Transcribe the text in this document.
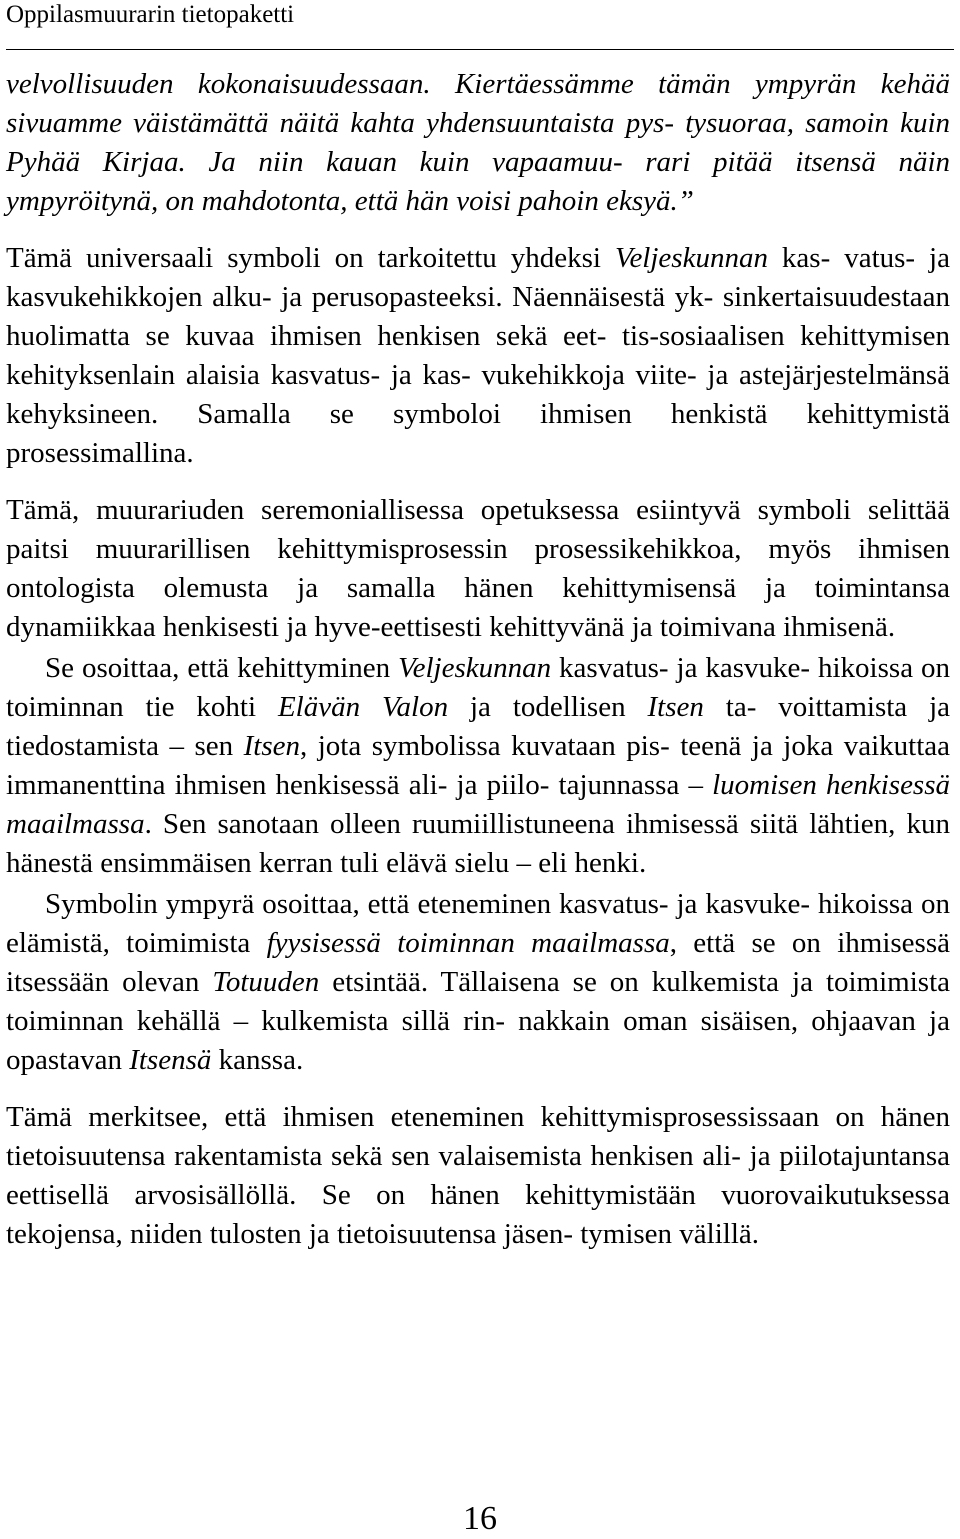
Oppilasmuurarin tietopaketti

velvollisuuden kokonaisuudessaan. Kiertäessämme tämän ympyrän kehää sivuamme väistämättä näitä kahta yhdensuuntaista pys- tysuoraa, samoin kuin Pyhää Kirjaa. Ja niin kauan kuin vapaamuu- rari pitää itsensä näin ympyröitynä, on mahdotonta, että hän voisi pahoin eksyä.”

Tämä universaali symboli on tarkoitettu yhdeksi Veljeskunnan kas- vatus- ja kasvukehikkojen alku- ja perusopasteeksi. Näennäisestä yk- sinkertaisuudestaan huolimatta se kuvaa ihmisen henkisen sekä eet- tis-sosiaalisen kehittymisen kehityksenlain alaisia kasvatus- ja kas- vukehikkoja viite- ja astejärjestelmänsä kehyksineen. Samalla se symboloi ihmisen henkistä kehittymistä prosessimallina.

Tämä, muurariuden seremoniallisessa opetuksessa esiintyvä symboli selittää paitsi muurarillisen kehittymisprosessin prosessikehikkoa, myös ihmisen ontologista olemusta ja samalla hänen kehittymisensä ja toimintansa dynamiikkaa henkisesti ja hyve-eettisesti kehittyvänä ja toimivana ihmisenä.

Se osoittaa, että kehittyminen Veljeskunnan kasvatus- ja kasvuke- hikoissa on toiminnan tie kohti Elävän Valon ja todellisen Itsen ta- voittamista ja tiedostamista – sen Itsen, jota symbolissa kuvataan pis- teenä ja joka vaikuttaa immanenttina ihmisen henkisessä ali- ja piilo- tajunnassa – luomisen henkisessä maailmassa. Sen sanotaan olleen ruumiillistuneena ihmisessä siitä lähtien, kun hänestä ensimmäisen kerran tuli elävä sielu – eli henki.

Symbolin ympyrä osoittaa, että eteneminen kasvatus- ja kasvuke- hikoissa on elämistä, toimimista fyysisessä toiminnan maailmassa, että se on ihmisessä itsessään olevan Totuuden etsintää. Tällaisena se on kulkemista ja toimimista toiminnan kehällä – kulkemista sillä rin- nakkain oman sisäisen, ohjaavan ja opastavan Itsensä kanssa.

Tämä merkitsee, että ihmisen eteneminen kehittymisprosessissaan on hänen tietoisuutensa rakentamista sekä sen valaisemista henkisen ali- ja piilotajuntansa eettisellä arvosisällöllä. Se on hänen kehittymistään vuorovaikutuksessa tekojensa, niiden tulosten ja tietoisuutensa jäsen- tymisen välillä.

16
